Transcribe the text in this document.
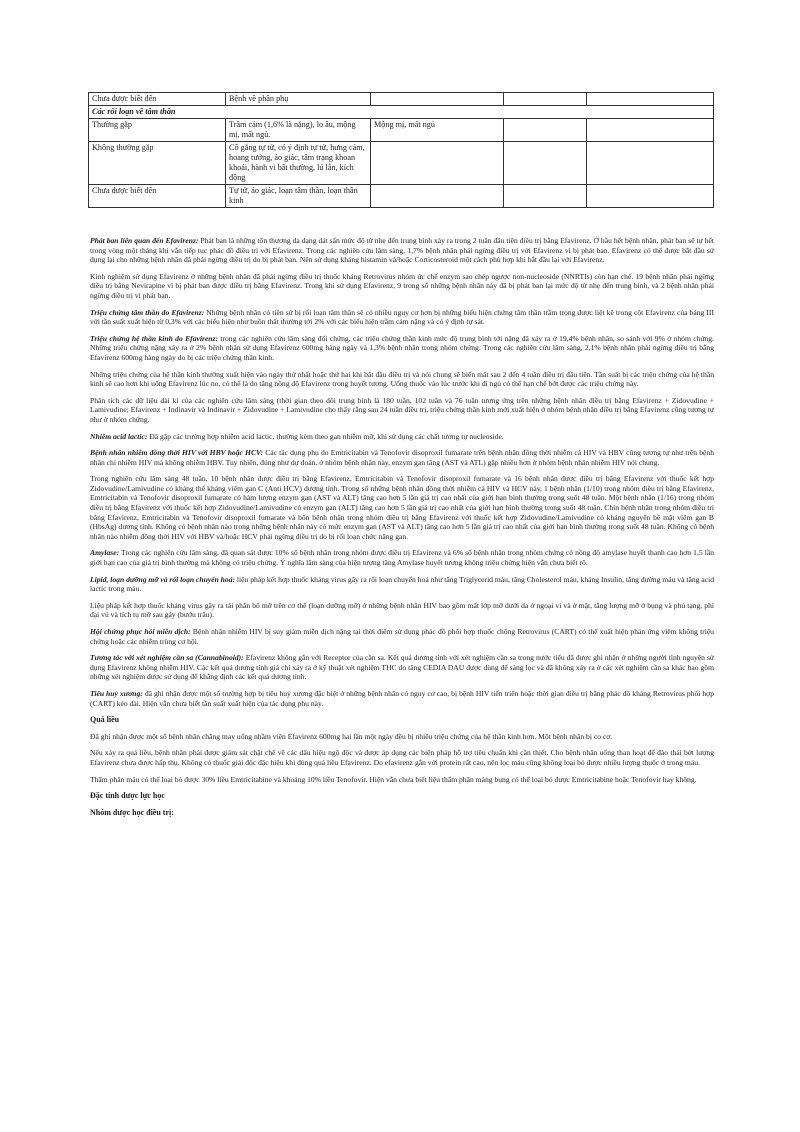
Chưa được biết đến	Bệnh về phân phụ			
Các rối loạn về tâm thần				
Thường gặp	Trầm cảm (1,6% là nặng), lo âu, mộng mị, mất ngủ.	Mộng mị, mất ngủ		
Không thường gặp	Cố gắng tự tử, có ý định tự tử, hưng cảm, hoang tưởng, ảo giác, tâm trạng khoan khoái, hành vi bất thường, lú lẫn, kích động			
Chưa được biết đến	Tự tử, ảo giác, loạn tâm thần, loạn thần kinh			

Phát ban liên quan đến Efavirenz: Phát ban là những tổn thương da dạng dát sẩn mức độ từ nhẹ đến trung bình xảy ra trong 2 tuần đầu tiên điều trị bằng Efavirenz. Ở hầu hết bệnh nhân, phát ban sẽ tự hết trong vòng một tháng khi vẫn tiếp tục phác đồ điều trị với Efavirenz. Trong các nghiên cứu lâm sàng, 1,7% bệnh nhân phải ngừng điều trị với Efavirenz vì bị phát ban. Efavirenz có thể được bắt đầu sử dụng lại cho những bệnh nhân đã phải ngừng điều trị do bị phát ban. Nên sử dụng kháng histamin và/hoặc Corticosteroid một cách phù hợp khi bắt đầu lại với Efavirenz.

Kinh nghiệm sử dụng Efavirenz ở những bệnh nhân đã phải ngừng điều trị thuốc kháng Retrovirus nhóm ức chế enzym sao chép ngược non-nucleoside (NNRTIs) còn hạn chế. 19 bệnh nhân phải ngừng điều trị bằng Nevirapine vì bị phát ban được điều trị bằng Efavirenz. Trong khi sử dụng Efavirenz, 9 trong số những bệnh nhân này đã bị phát ban lại mức độ từ nhẹ đến trung bình, và 2 bệnh nhân phải ngừng điều trị vì phát ban.

Triệu chứng tâm thần do Efavirenz: Những bệnh nhân có tiền sử bị rối loạn tâm thần sẽ có nhiều nguy cơ hơn bị những biểu hiện chứng tâm thần trầm trọng được liệt kê trong cột Efavirenz của bảng III với tần suất xuất hiện từ 0,3% với các biểu hiện như buồn thất thường tới 2% với các biểu hiện trầm cảm nặng và có ý định tự sát.

Triệu chứng hệ thần kinh do Efavirenz: trong các nghiên cứu lâm sàng đối chứng, các triệu chứng thần kinh mức độ trung bình tới nặng đã xảy ra ở 19,4% bệnh nhân, so sánh với 9% ở nhóm chứng. Những triệu chứng nặng xảy ra ở 2% bệnh nhân sử dụng Efavirenz 600mg hàng ngày và 1,3% bệnh nhân trong nhóm chứng. Trong các nghiên cứu lâm sàng, 2,1% bệnh nhân phải ngừng điều trị bằng Efavirenz 600mg hàng ngày do bị các triệu chứng thần kinh.

Những triệu chứng của hệ thần kinh thường xuất hiện vào ngày thứ nhất hoặc thứ hai khi bắt đầu điều trị và nói chung sẽ biến mất sau 2 đến 4 tuần điều trị đầu tiên. Tần suất bị các triệu chứng của hệ thần kinh sẽ cao hơn khi uống Efavirenz lúc no, có thể là do tăng nồng độ Efavirenz trong huyết tương. Uống thuốc vào lúc trước khi đi ngủ có thể hạn chế bớt được các triệu chứng này.

Phân tích các dữ liệu dài kì của các nghiên cứu lâm sàng (thời gian theo dõi trung bình là 180 tuần, 102 tuần và 76 tuần tương ứng trên những bệnh nhân điều trị bằng Efavirenz + Zidovudine + Lamivudine; Efavirenz + Indinavir và Indinavir + Zidovudine + Lamivudine cho thấy rằng sau 24 tuần điều trị, triệu chứng thần kinh mới xuất hiện ở nhóm bệnh nhân điều trị bằng Efavirenz cũng tương tự như ở nhóm chứng.

Nhiễm acid lactic: Đã gặp các trường hợp nhiễm acid lactic, thường kèm theo gan nhiễm mỡ, khi sử dụng các chất tương tự nucleoside.

Bệnh nhân nhiễm đồng thời HIV với HBV hoặc HCV: Các tác dụng phụ do Emtricitabin và Tenofovir disoproxil fumarate trên bệnh nhân đồng thời nhiễm cả HIV và HBV cũng tương tự như trên bệnh nhân chỉ nhiễm HIV mà không nhiễm HBV. Tuy nhiên, đúng như dự đoán, ở nhóm bệnh nhân này, enzym gan tăng (AST và ATL) gặp nhiều hơn ở nhóm bệnh nhân nhiễm HIV nói chung.

Trong nghiên cứu lâm sàng 48 tuần, 10 bệnh nhân được điều trị bằng Efavirenz, Emtricitabin và Tenofovir disoproxil fumarate và 16 bệnh nhân được điều trị bằng Efavirenz với thuốc kết hợp Zidovudine/Lamivudine có kháng thể kháng viêm gan C (Anti HCV) dương tính. Trong số những bệnh nhân đồng thời nhiễm cả HIV và HCV này, 1 bệnh nhân (1/10) trong nhóm điều trị bằng Efavirenz, Emtricitabin và Tenofovir disoproxil fumarate có hàm lượng enzym gan (AST và ALT) tăng cao hơn 5 lần giá trị cao nhất của giới hạn bình thường trong suốt 48 tuần. Một bệnh nhân (1/16) trong nhóm điều trị bằng Efavirenz với thuốc kết hợp Zidovudine/Lamivudine có enzym gan (ALT) tăng cao hơn 5 lần giá trị cao nhất của giới hạn bình thường trong suốt 48 tuần. Chín bệnh nhân trong nhóm điều trị bằng Efavirenz, Emtricitabin và Tenofovir disoproxil fumarate và bốn bệnh nhân trong nhóm điều trị bằng Efavirenz với thuốc kết hợp Zidovudine/Lamivudine có kháng nguyên bề mặt viêm gan B (HbsAg) dương tính. Không có bệnh nhân nào trong những bệnh nhân này có mức enzym gan (AST và ALT) tăng cao hơn 5 lần giá trị cao nhất của giới hạn bình thường trong suốt 48 tuần. Không có bệnh nhân nào nhiễm đồng thời HIV với HBV và/hoặc HCV phải ngừng điều trị do bị rối loạn chức năng gan.

Amylase: Trong các nghiên cứu lâm sàng, đã quan sát được 10% số bệnh nhân trong nhóm được điều trị Efavirenz và 6% số bệnh nhân trong nhóm chứng có nồng độ amylase huyết thanh cao hơn 1,5 lần giới hạn cao của giá trị bình thường mà không có triệu chứng. Ý nghĩa lâm sàng của hiện tượng tăng Amylase huyết tương không triệu chứng hiện vẫn chưa biết rõ.

Lipid, loạn dưỡng mỡ và rối loạn chuyển hoá: liệu pháp kết hợp thuốc kháng virus gây ra rối loạn chuyển hoá như tăng Triglycerid máu, tăng Cholesterol máu, kháng Insulin, tăng đường máu và tăng acid lactic trong máu.

Liệu pháp kết hợp thuốc kháng virus gây ra tái phân bố mỡ trên cơ thể (loạn dưỡng mỡ) ở những bệnh nhân HIV bao gồm mất lớp mỡ dưới da ở ngoại vi và ở mặt, tăng lượng mỡ ở bụng và phủ tạng, phì đại vú và tích tụ mỡ sau gáy (bướu trâu).

Hội chứng phục hồi miễn dịch: Bệnh nhân nhiễm HIV bị suy giảm miễn dịch nặng tại thời điểm sử dụng phác đồ phối hợp thuốc chống Retrovirus (CART) có thể xuất hiện phản ứng viêm không triệu chứng hoặc các nhiễm trùng cơ hội.

Tương tác với xét nghiệm cần sa (Cannabinoid): Efavirenz không gắn với Receptor của cần sa. Kết quả dương tính với xét nghiệm cần sa trong nước tiểu đã được ghi nhận ở những người tình nguyện sử dụng Efavirenz không nhiễm HIV. Các kết quả dương tính giả chỉ xảy ra ở kỹ thuật xét nghiệm THC do tăng CEDIA DAU được dùng để sàng lọc và đã không xảy ra ở các xét nghiệm cần sa khác bao gồm những xét nghiệm được sử dụng để khẳng định các kết quả dương tính.

Tiêu huỷ xương: đã ghi nhận được một số trường hợp bị tiêu huỷ xương đặc biệt ở những bệnh nhân có nguy cơ cao, bị bệnh HIV tiến triển hoặc thời gian điều trị bằng phác đồ kháng Retrovirus phối hợp (CART) kéo dài. Hiện vẫn chưa biết tần suất xuất hiện của tác dụng phụ này.

Quá liều

Đã ghi nhận được một số bệnh nhân chẳng may uống nhầm viên Efavirenz 600mg hai lần một ngày đều bị nhiều triệu chứng của hệ thần kinh hơn. Một bệnh nhân bị co cơ.

Nếu xảy ra quá liều, bệnh nhân phải được giám sát chặt chẽ về các dấu hiệu ngộ độc và được áp dụng các biện pháp hỗ trợ tiêu chuẩn khi cần thiết. Cho bệnh nhân uống than hoạt để đào thải bớt lượng Efavirenz chưa được hấp thụ. Không có thuốc giải độc đặc hiệu khi dùng quá liều Efavirenz. Do efavirenz gắn với protein rất cao, nên lọc máu cũng không loại bỏ được nhiều lượng thuốc ở trong máu.

Thẩm phân máu có thể loại bỏ được 30% liều Emtricitabine và khoảng 10% liều Tenofovir. Hiện vẫn chưa biết liệu thẩm phân màng bụng có thể loại bỏ được Emtricitabine hoặc Tenofovir hay không.

Đặc tính dược lực học

Nhóm dược học điều trị:
